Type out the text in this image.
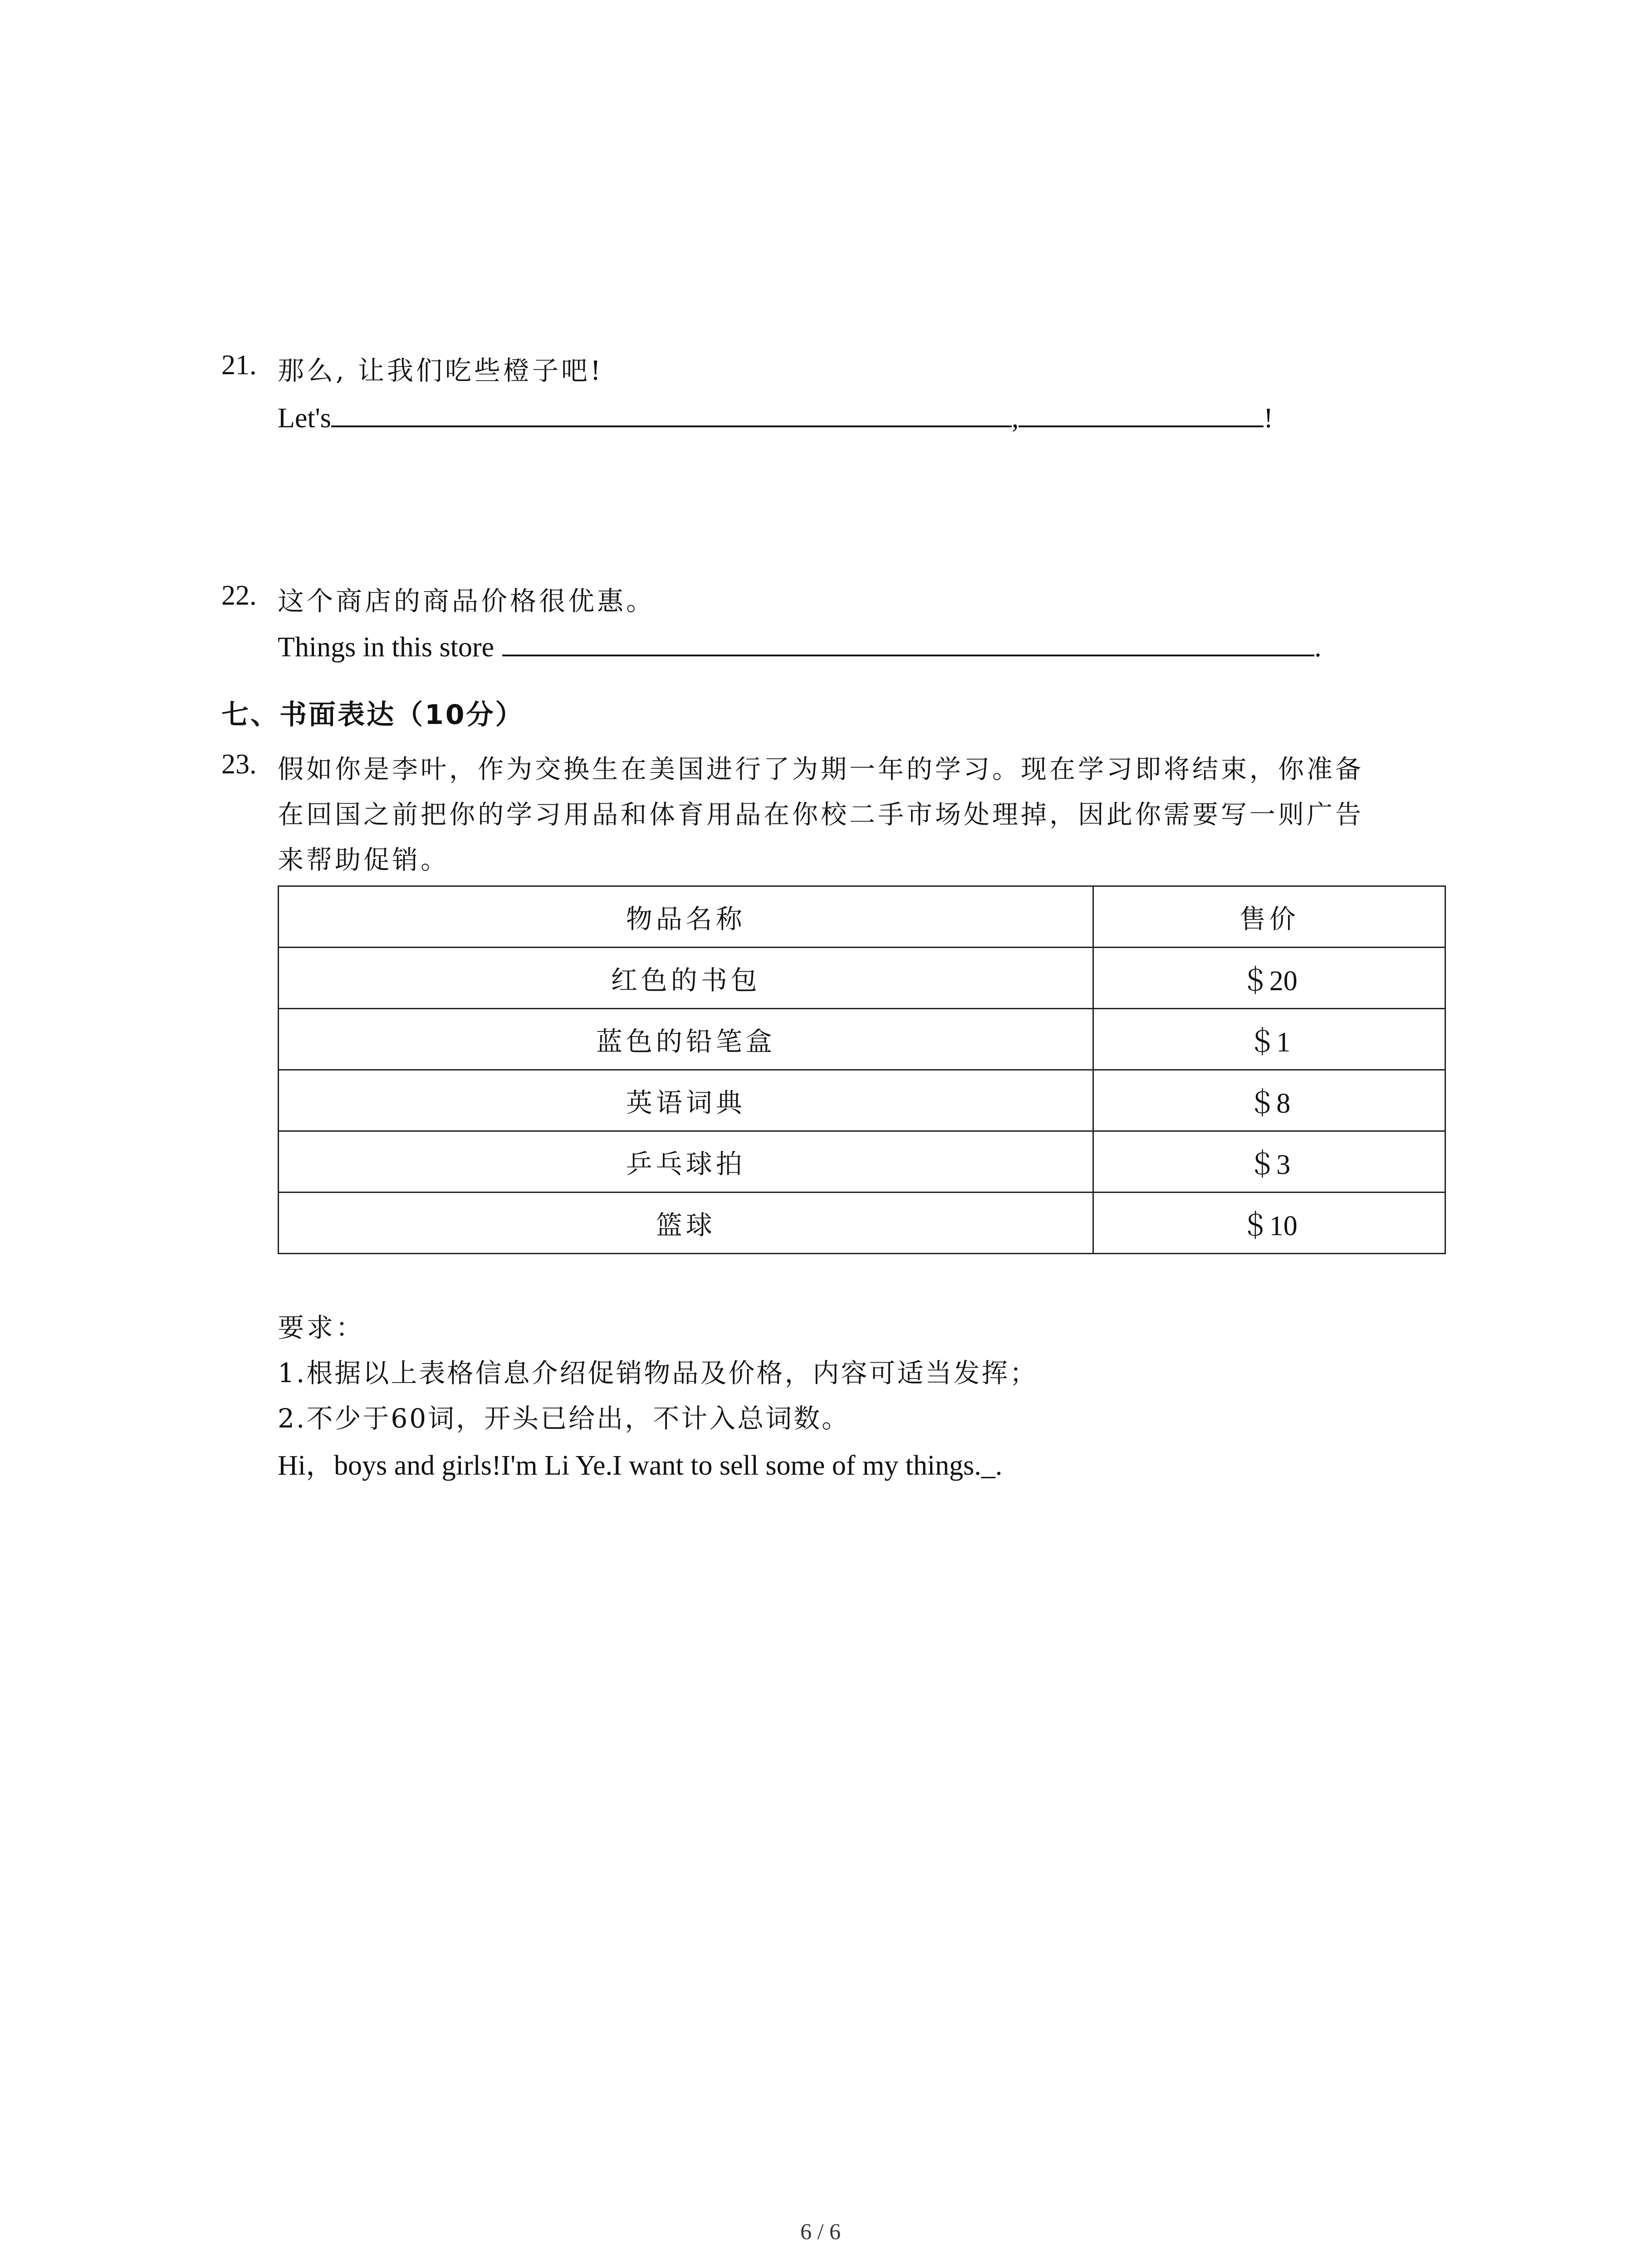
21. 那么, 让我们吃些橙子吧!
Let's	,	!
22. 这个商店的商品价格很优惠。
Things in this store	.
七、书面表达（10分）
23. 假如你是李叶，作为交换生在美国进行了为期一年的学习。现在学习即将结束，你准备
在回国之前把你的学习用品和体育用品在你校二手市场处理掉，因此你需要写一则广告
来帮助促销。
物品名称	售价
红色的书包	＄20
蓝色的铅笔盒	＄1
英语词典	＄8
乒乓球拍	＄3
篮球	＄10
要求：
1.根据以上表格信息介绍促销物品及价格，内容可适当发挥；
2.不少于60词，开头已给出，不计入总词数。
Hi，boys and girls!I'm Li Ye.I want to sell some of my things._.
6 / 6
